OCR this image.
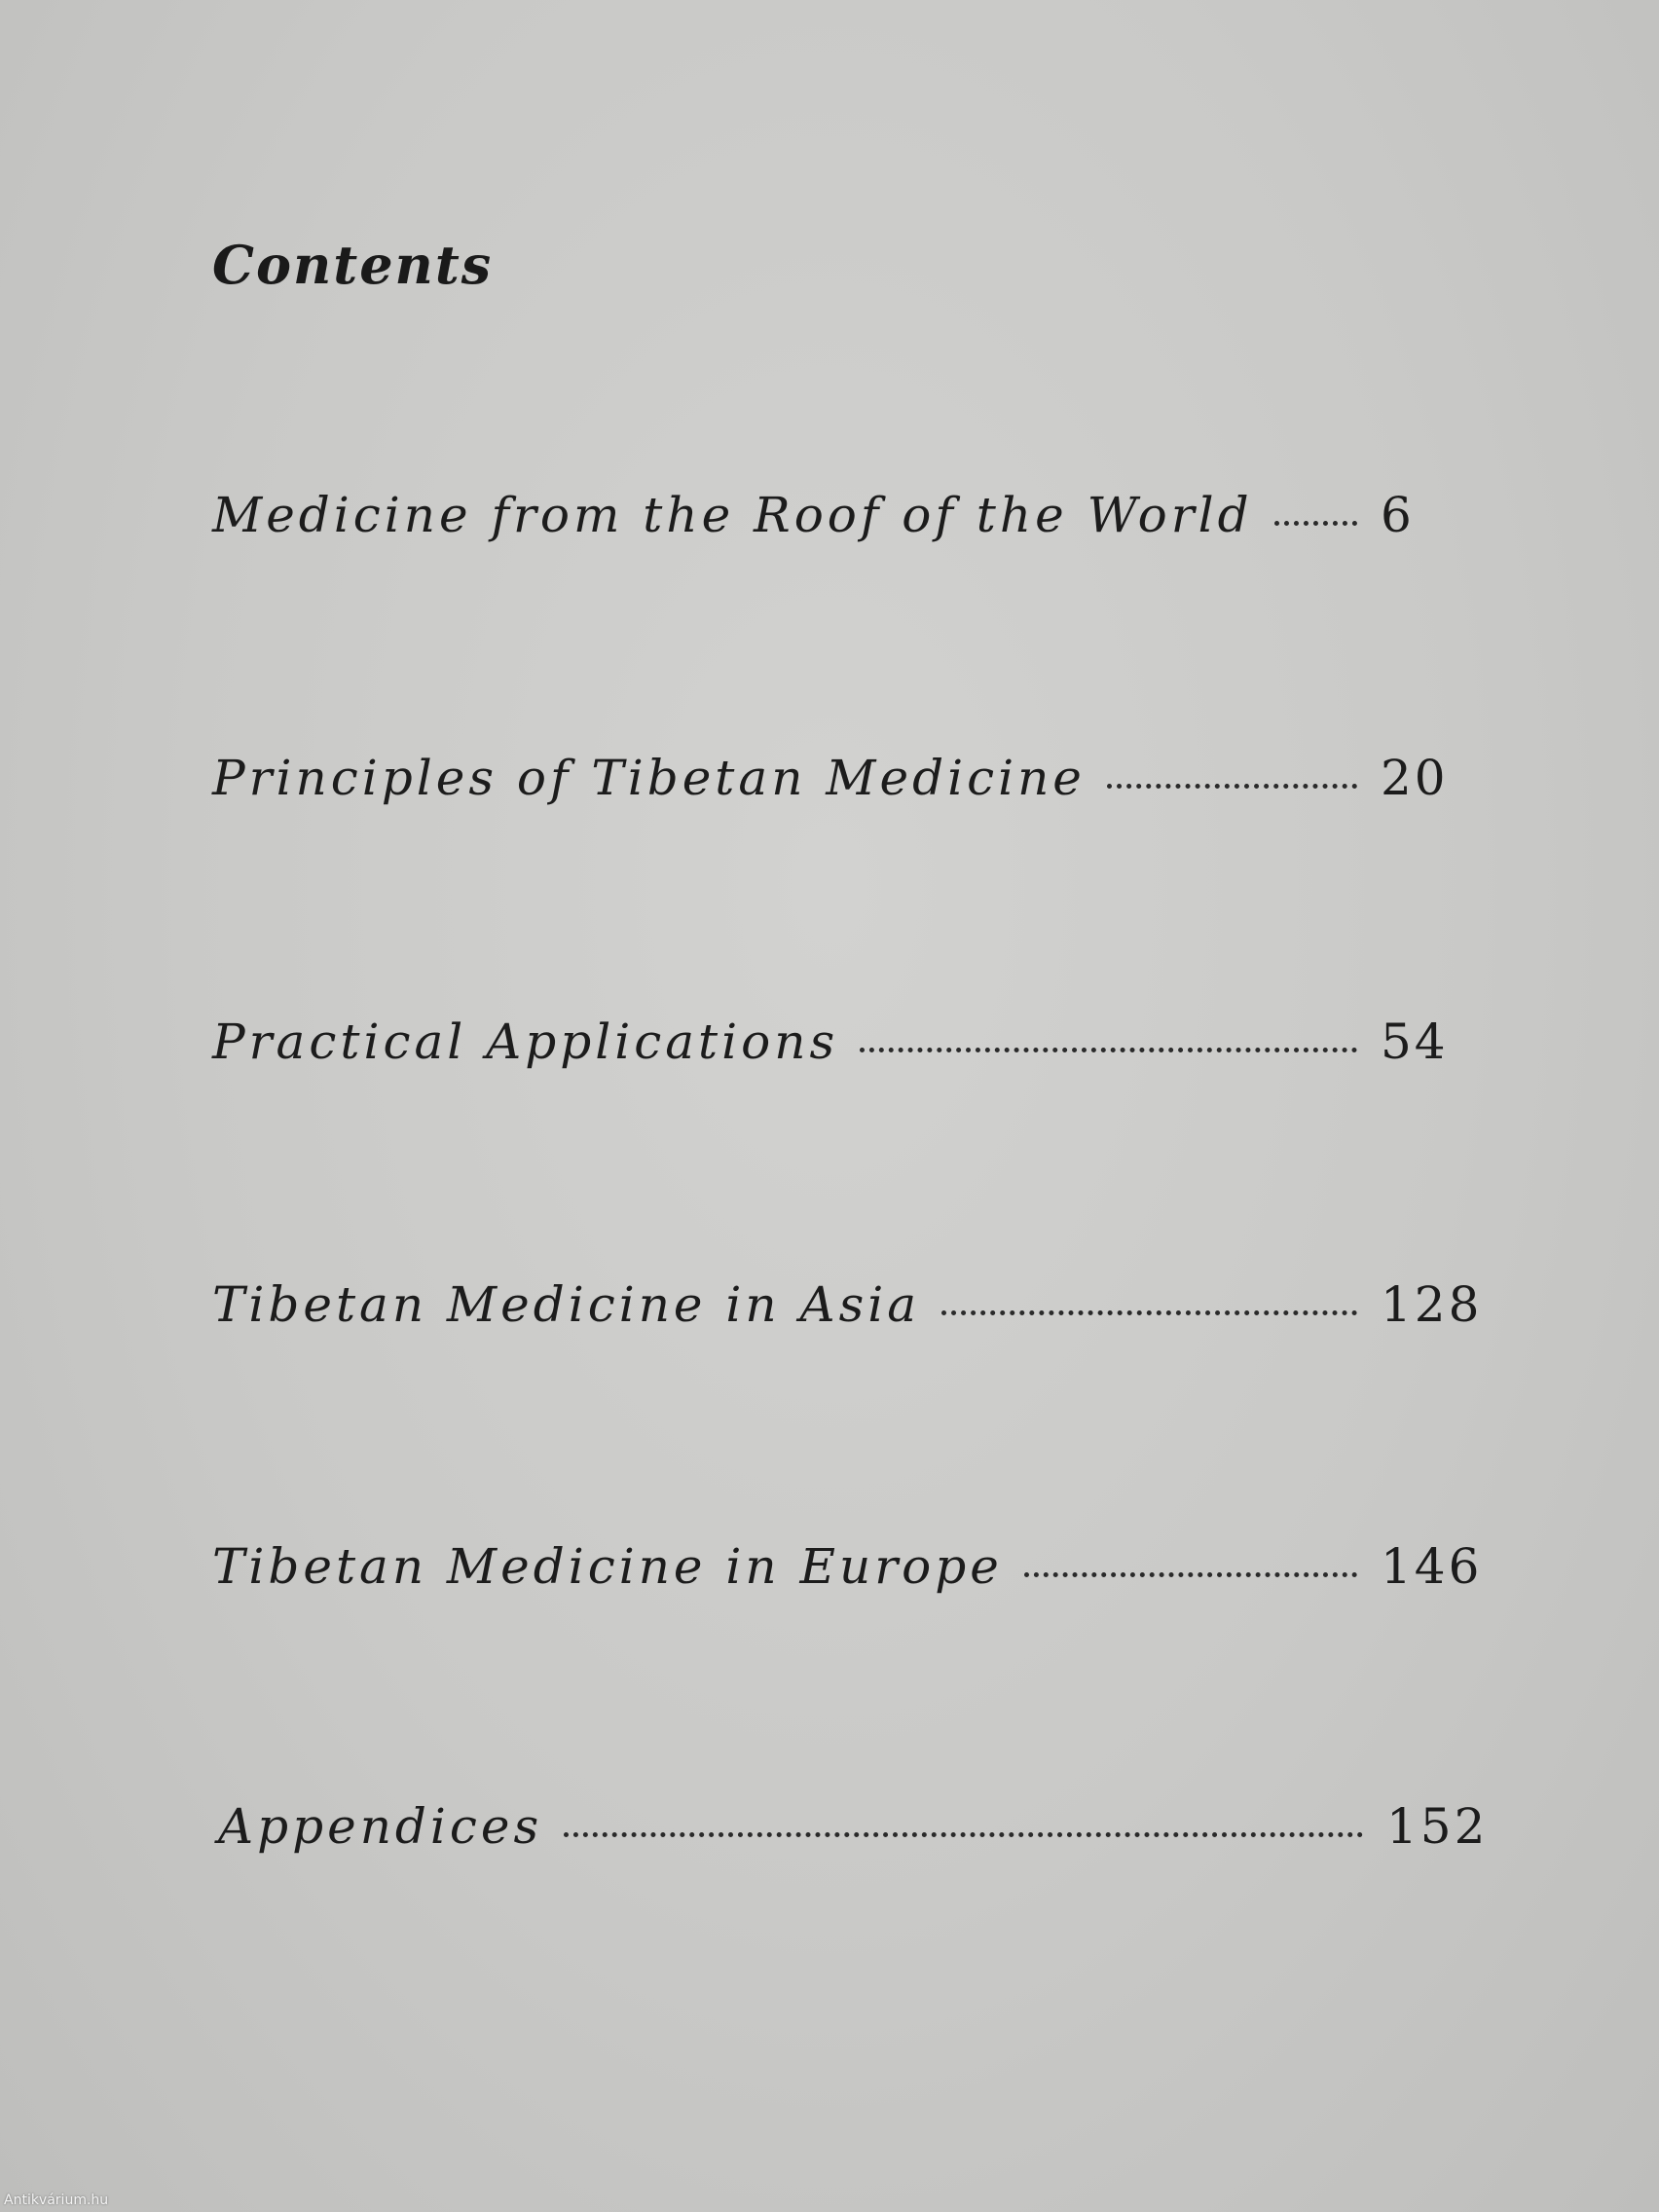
Contents
Medicine from the Roof of the World	6
Principles of Tibetan Medicine	20
Practical Applications	54
Tibetan Medicine in Asia	128
Tibetan Medicine in Europe	146
Appendices	152
Antikvárium.hu
